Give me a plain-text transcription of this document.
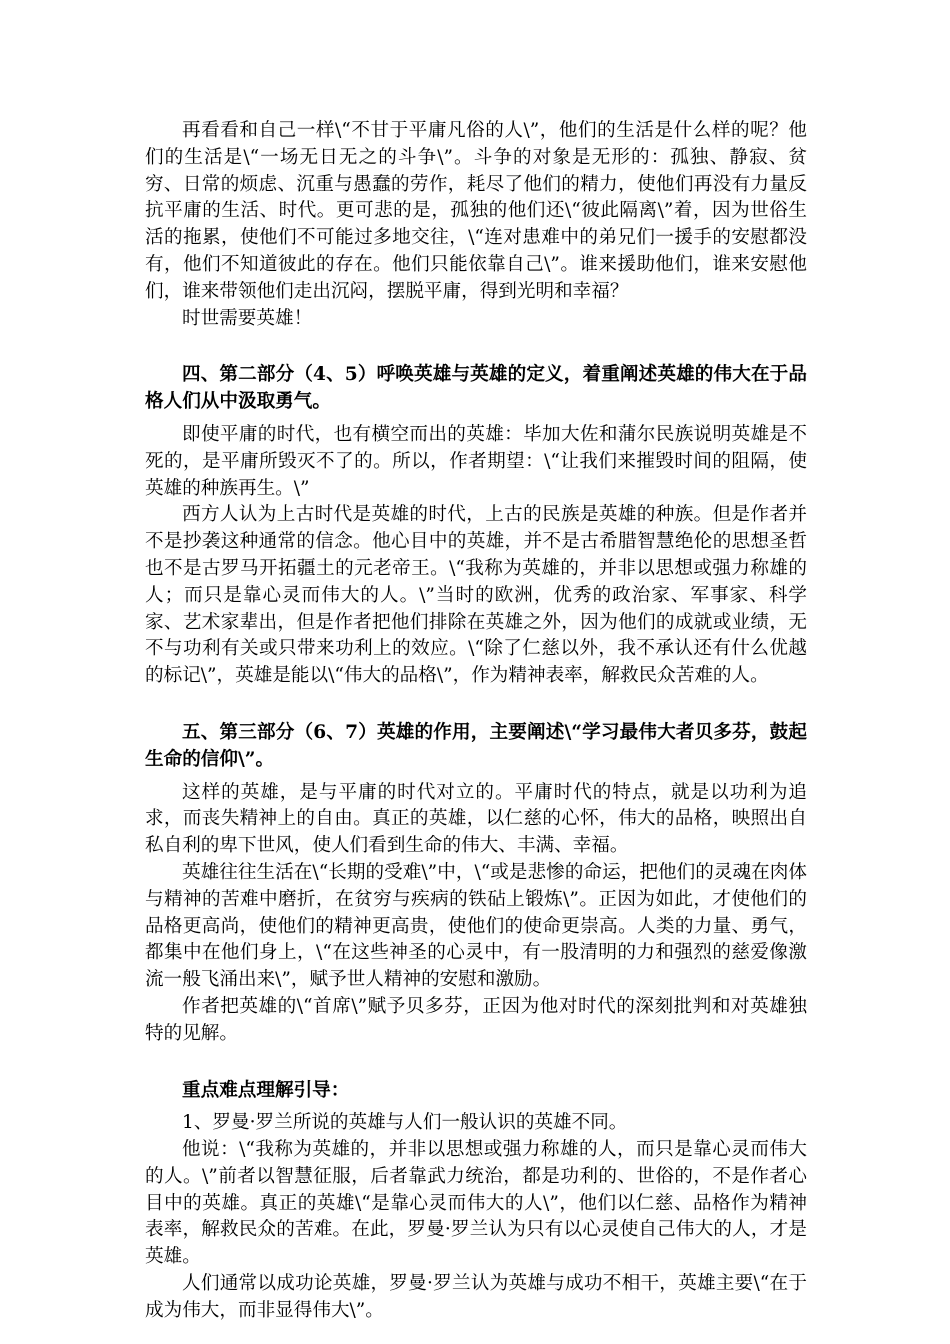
再看看和自己一样\“不甘于平庸凡俗的人\”，他们的生活是什么样的呢？他们的生活是\“一场无日无之的斗争\”。斗争的对象是无形的：孤独、静寂、贫穷、日常的烦虑、沉重与愚蠢的劳作，耗尽了他们的精力，使他们再没有力量反抗平庸的生活、时代。更可悲的是，孤独的他们还\“彼此隔离\”着，因为世俗生活的拖累，使他们不可能过多地交往，\“连对患难中的弟兄们一援手的安慰都没有，他们不知道彼此的存在。他们只能依靠自己\”。谁来援助他们，谁来安慰他们，谁来带领他们走出沉闷，摆脱平庸，得到光明和幸福？

时世需要英雄！

四、第二部分（4、5）呼唤英雄与英雄的定义，着重阐述英雄的伟大在于品格人们从中汲取勇气。

即使平庸的时代，也有横空而出的英雄：毕加大佐和蒲尔民族说明英雄是不死的，是平庸所毁灭不了的。所以，作者期望：\“让我们来摧毁时间的阻隔，使英雄的种族再生。\”

西方人认为上古时代是英雄的时代，上古的民族是英雄的种族。但是作者并不是抄袭这种通常的信念。他心目中的英雄，并不是古希腊智慧绝伦的思想圣哲也不是古罗马开拓疆土的元老帝王。\“我称为英雄的，并非以思想或强力称雄的人；而只是靠心灵而伟大的人。\”当时的欧洲，优秀的政治家、军事家、科学家、艺术家辈出，但是作者把他们排除在英雄之外，因为他们的成就或业绩，无不与功利有关或只带来功利上的效应。\“除了仁慈以外，我不承认还有什么优越的标记\”，英雄是能以\“伟大的品格\”，作为精神表率，解救民众苦难的人。

五、第三部分（6、7）英雄的作用，主要阐述\“学习最伟大者贝多芬，鼓起生命的信仰\”。

这样的英雄，是与平庸的时代对立的。平庸时代的特点，就是以功利为追求，而丧失精神上的自由。真正的英雄，以仁慈的心怀，伟大的品格，映照出自私自利的卑下世风，使人们看到生命的伟大、丰满、幸福。

英雄往往生活在\“长期的受难\”中，\“或是悲惨的命运，把他们的灵魂在肉体与精神的苦难中磨折，在贫穷与疾病的铁砧上锻炼\”。正因为如此，才使他们的品格更高尚，使他们的精神更高贵，使他们的使命更崇高。人类的力量、勇气，都集中在他们身上，\“在这些神圣的心灵中，有一股清明的力和强烈的慈爱像激流一般飞涌出来\”，赋予世人精神的安慰和激励。

作者把英雄的\“首席\”赋予贝多芬，正因为他对时代的深刻批判和对英雄独特的见解。

重点难点理解引导：

1、罗曼·罗兰所说的英雄与人们一般认识的英雄不同。

他说：\“我称为英雄的，并非以思想或强力称雄的人，而只是靠心灵而伟大的人。\”前者以智慧征服，后者靠武力统治，都是功利的、世俗的，不是作者心目中的英雄。真正的英雄\“是靠心灵而伟大的人\”，他们以仁慈、品格作为精神表率，解救民众的苦难。在此，罗曼·罗兰认为只有以心灵使自己伟大的人，才是英雄。

人们通常以成功论英雄，罗曼·罗兰认为英雄与成功不相干，英雄主要\“在于成为伟大，而非显得伟大\”。
